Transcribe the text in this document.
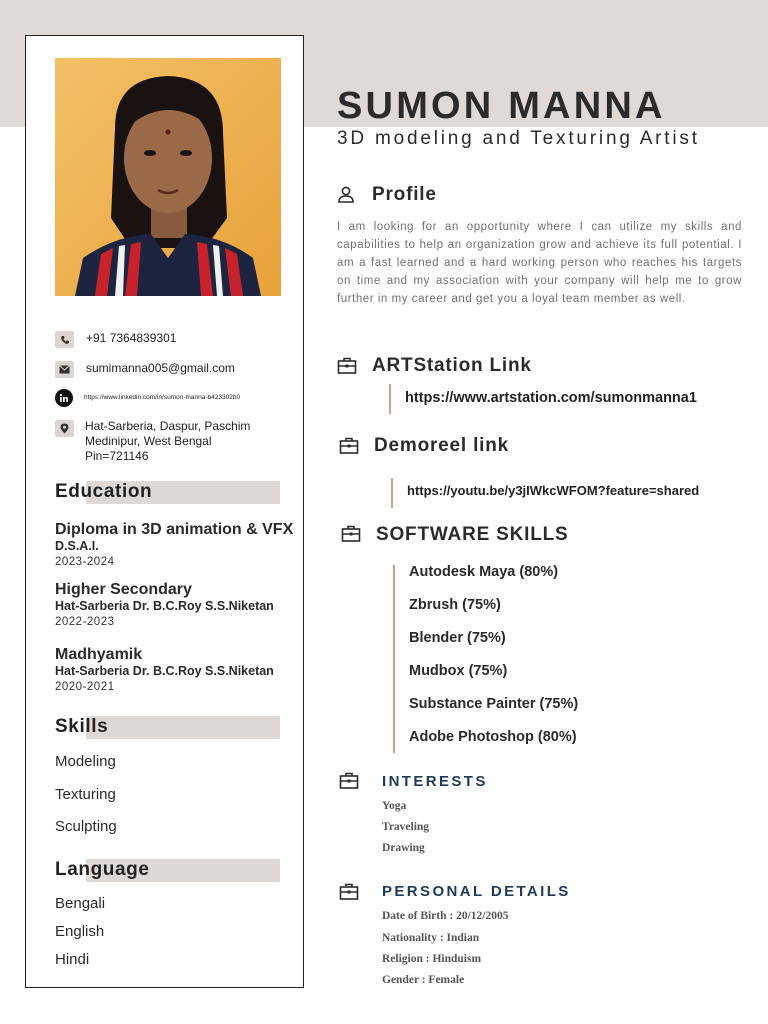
+91 7364839301
sumimanna005@gmail.com
https://www.linkedin.com/in/sumon-manna-b423302b0
Hat-Sarberia, Daspur, Paschim
Medinipur, West Bengal
Pin=721146
Education
Diploma in 3D animation & VFX
D.S.A.I.
2023-2024
Higher Secondary
Hat-Sarberia Dr. B.C.Roy S.S.Niketan
2022-2023
Madhyamik
Hat-Sarberia Dr. B.C.Roy S.S.Niketan
2020-2021
Skills
Modeling
Texturing
Sculpting
Language
Bengali
English
Hindi
SUMON MANNA
3D modeling and Texturing Artist
Profile
I am looking for an opportunity where I can utilize my skills and capabilities to help an organization grow and achieve its full potential. I am a fast learned and a hard working person who reaches his targets on time and my association with your company will help me to grow further in my career and get you a loyal team member as well.
ARTStation Link
https://www.artstation.com/sumonmanna1
Demoreel link
https://youtu.be/y3jIWkcWFOM?feature=shared
SOFTWARE SKILLS
Autodesk Maya (80%)
Zbrush (75%)
Blender (75%)
Mudbox (75%)
Substance Painter (75%)
Adobe Photoshop (80%)
INTERESTS
Yoga
Traveling
Drawing
PERSONAL DETAILS
Date of Birth : 20/12/2005
Nationality : Indian
Religion : Hinduism
Gender : Female
